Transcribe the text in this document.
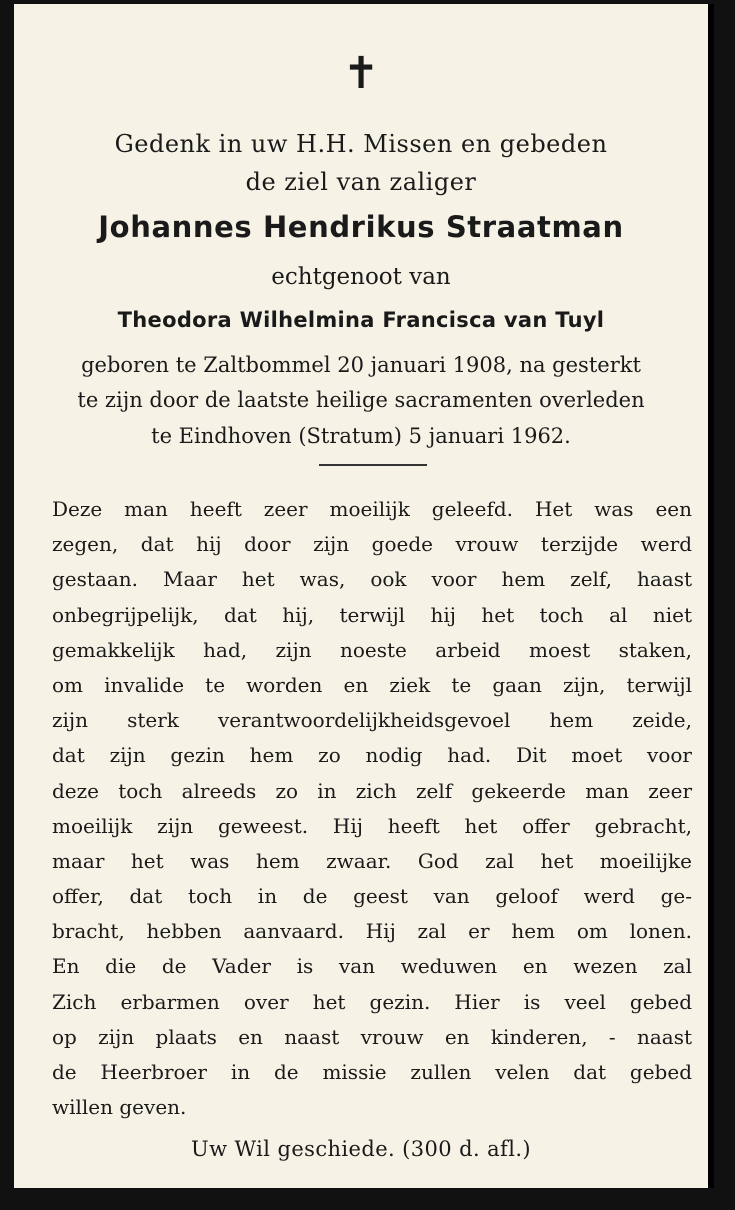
✝
Gedenk in uw H.H. Missen en gebeden
de ziel van zaliger
Johannes Hendrikus Straatman
echtgenoot van
Theodora Wilhelmina Francisca van Tuyl
geboren te Zaltbommel 20 januari 1908, na gesterkt
te zijn door de laatste heilige sacramenten overleden
te Eindhoven (Stratum) 5 januari 1962.
Deze man heeft zeer moeilijk geleefd. Het was een
zegen, dat hij door zijn goede vrouw terzijde werd
gestaan. Maar het was, ook voor hem zelf, haast
onbegrijpelijk, dat hij, terwijl hij het toch al niet
gemakkelijk had, zijn noeste arbeid moest staken,
om invalide te worden en ziek te gaan zijn, terwijl
zijn sterk verantwoordelijkheidsgevoel hem zeide,
dat zijn gezin hem zo nodig had. Dit moet voor
deze toch alreeds zo in zich zelf gekeerde man zeer
moeilijk zijn geweest. Hij heeft het offer gebracht,
maar het was hem zwaar. God zal het moeilijke
offer, dat toch in de geest van geloof werd ge-
bracht, hebben aanvaard. Hij zal er hem om lonen.
En die de Vader is van weduwen en wezen zal
Zich erbarmen over het gezin. Hier is veel gebed
op zijn plaats en naast vrouw en kinderen, - naast
de Heerbroer in de missie zullen velen dat gebed
willen geven.
Uw Wil geschiede. (300 d. afl.)
